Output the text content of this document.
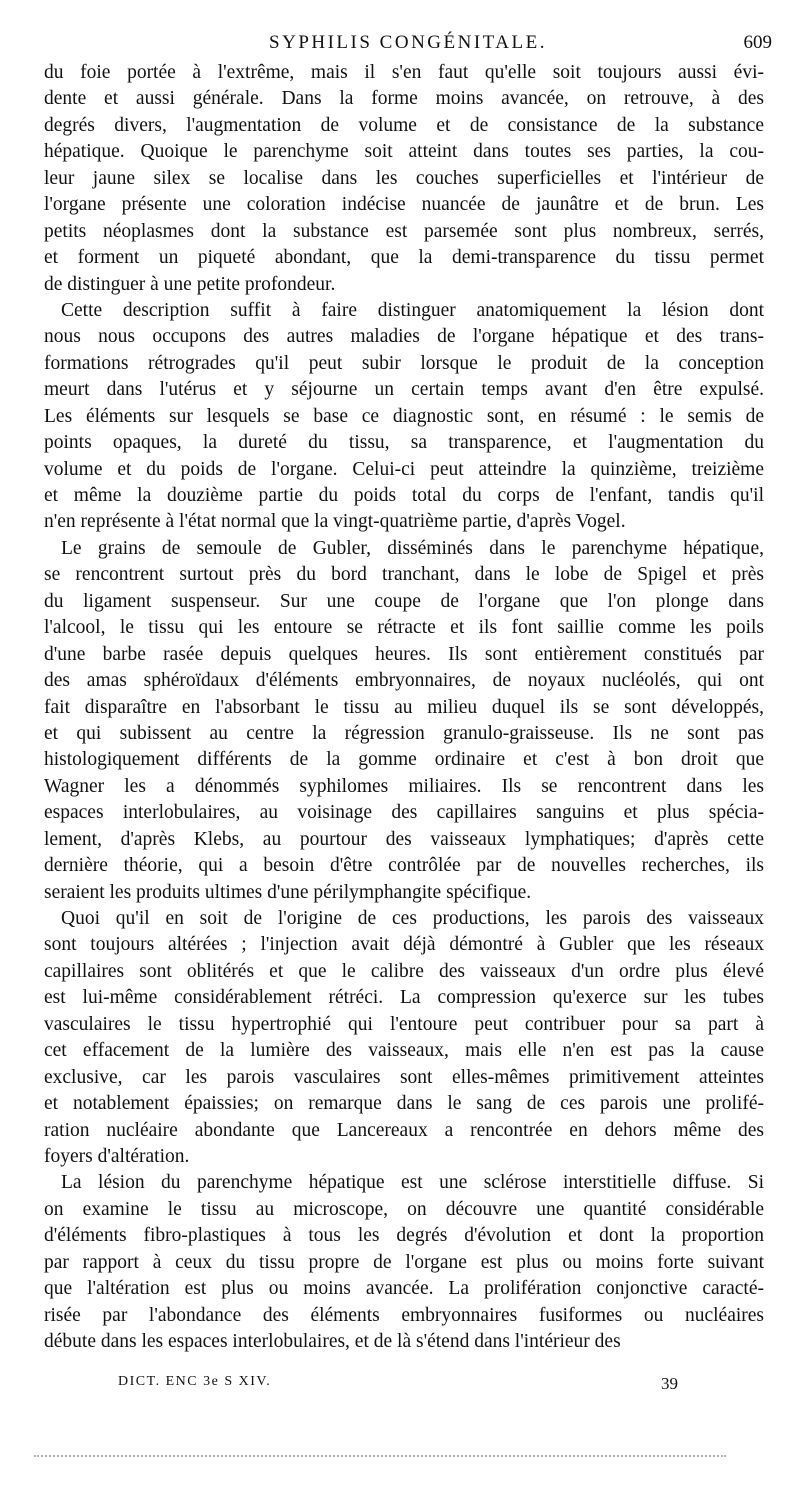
SYPHILIS CONGÉNITALE.	609
du foie portée à l'extrême, mais il s'en faut qu'elle soit toujours aussi évi-
dente et aussi générale. Dans la forme moins avancée, on retrouve, à des
degrés divers, l'augmentation de volume et de consistance de la substance
hépatique. Quoique le parenchyme soit atteint dans toutes ses parties, la cou-
leur jaune silex se localise dans les couches superficielles et l'intérieur de
l'organe présente une coloration indécise nuancée de jaunâtre et de brun. Les
petits néoplasmes dont la substance est parsemée sont plus nombreux, serrés,
et forment un piqueté abondant, que la demi-transparence du tissu permet
de distinguer à une petite profondeur.
Cette description suffit à faire distinguer anatomiquement la lésion dont
nous nous occupons des autres maladies de l'organe hépatique et des trans-
formations rétrogrades qu'il peut subir lorsque le produit de la conception
meurt dans l'utérus et y séjourne un certain temps avant d'en être expulsé.
Les éléments sur lesquels se base ce diagnostic sont, en résumé : le semis de
points opaques, la dureté du tissu, sa transparence, et l'augmentation du
volume et du poids de l'organe. Celui-ci peut atteindre la quinzième, treizième
et même la douzième partie du poids total du corps de l'enfant, tandis qu'il
n'en représente à l'état normal que la vingt-quatrième partie, d'après Vogel.
Le grains de semoule de Gubler, disséminés dans le parenchyme hépatique,
se rencontrent surtout près du bord tranchant, dans le lobe de Spigel et près
du ligament suspenseur. Sur une coupe de l'organe que l'on plonge dans
l'alcool, le tissu qui les entoure se rétracte et ils font saillie comme les poils
d'une barbe rasée depuis quelques heures. Ils sont entièrement constitués par
des amas sphéroïdaux d'éléments embryonnaires, de noyaux nucléolés, qui ont
fait disparaître en l'absorbant le tissu au milieu duquel ils se sont développés,
et qui subissent au centre la régression granulo-graisseuse. Ils ne sont pas
histologiquement différents de la gomme ordinaire et c'est à bon droit que
Wagner les a dénommés syphilomes miliaires. Ils se rencontrent dans les
espaces interlobulaires, au voisinage des capillaires sanguins et plus spécia-
lement, d'après Klebs, au pourtour des vaisseaux lymphatiques; d'après cette
dernière théorie, qui a besoin d'être contrôlée par de nouvelles recherches, ils
seraient les produits ultimes d'une périlymphangite spécifique.
Quoi qu'il en soit de l'origine de ces productions, les parois des vaisseaux
sont toujours altérées ; l'injection avait déjà démontré à Gubler que les réseaux
capillaires sont oblitérés et que le calibre des vaisseaux d'un ordre plus élevé
est lui-même considérablement rétréci. La compression qu'exerce sur les tubes
vasculaires le tissu hypertrophié qui l'entoure peut contribuer pour sa part à
cet effacement de la lumière des vaisseaux, mais elle n'en est pas la cause
exclusive, car les parois vasculaires sont elles-mêmes primitivement atteintes
et notablement épaissies; on remarque dans le sang de ces parois une prolifé-
ration nucléaire abondante que Lancereaux a rencontrée en dehors même des
foyers d'altération.
La lésion du parenchyme hépatique est une sclérose interstitielle diffuse. Si
on examine le tissu au microscope, on découvre une quantité considérable
d'éléments fibro-plastiques à tous les degrés d'évolution et dont la proportion
par rapport à ceux du tissu propre de l'organe est plus ou moins forte suivant
que l'altération est plus ou moins avancée. La prolifération conjonctive caracté-
risée par l'abondance des éléments embryonnaires fusiformes ou nucléaires
débute dans les espaces interlobulaires, et de là s'étend dans l'intérieur des
DICT. ENC 3e S XIV.	39
